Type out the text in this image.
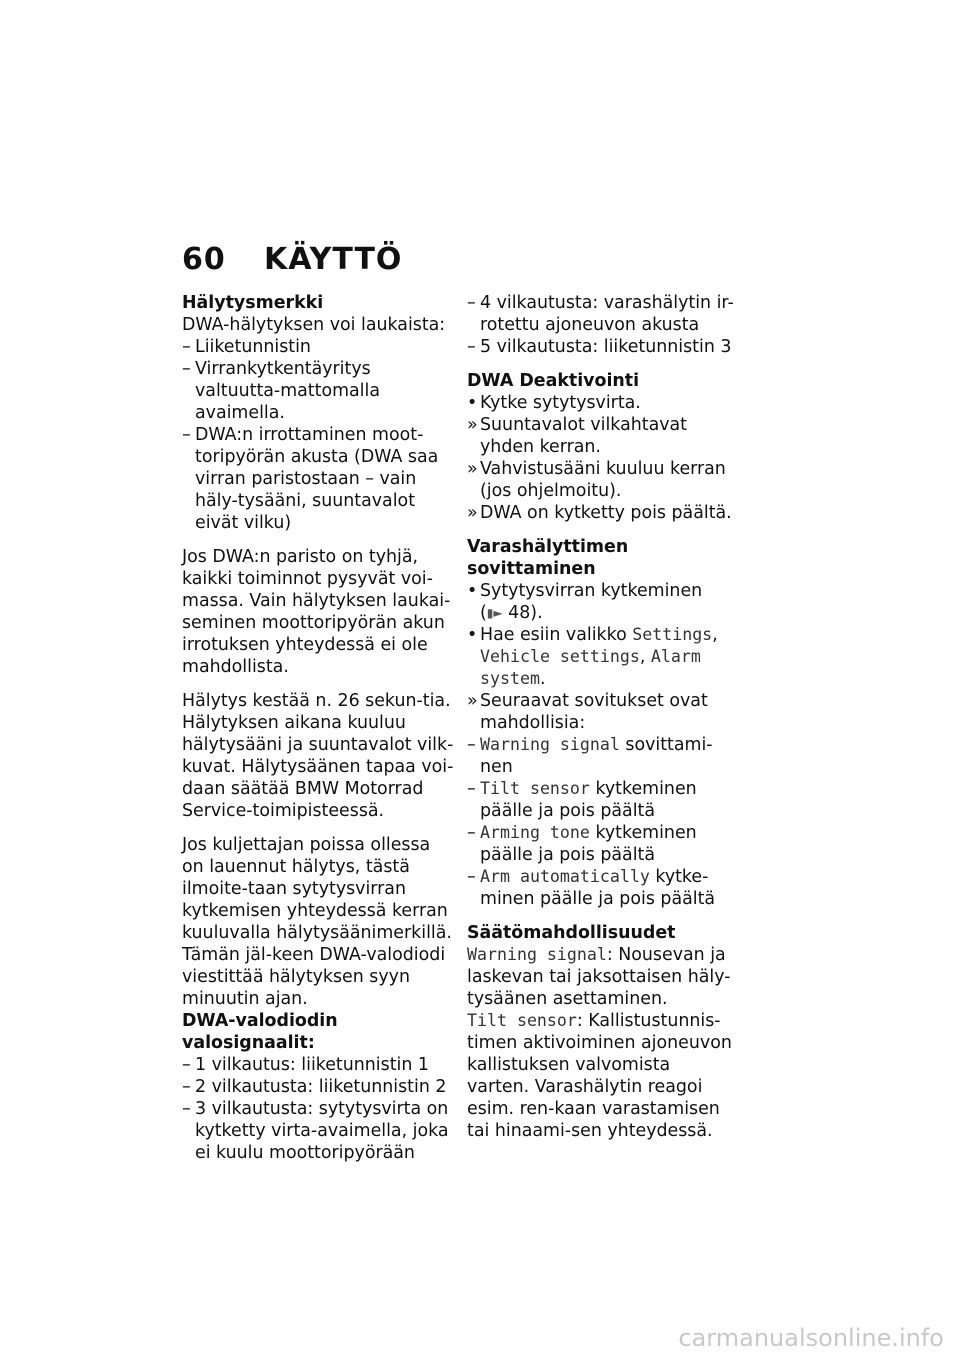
60 KÄYTTÖ

Hälytysmerkki

DWA-hälytyksen voi laukaista:

– Liiketunnistin
– Virrankytkentäyritys valtuutta-mattomalla avaimella.
– DWA:n irrottaminen moot-toripyörän akusta (DWA saa virran paristostaan – vain häly-tysääni, suuntavalot eivät vilku)

Jos DWA:n paristo on tyhjä, kaikki toiminnot pysyvät voi-massa. Vain hälytyksen laukai-seminen moottoripyörän akun irrotuksen yhteydessä ei ole mahdollista.

Hälytys kestää n. 26 sekun-tia. Hälytyksen aikana kuuluu hälytysääni ja suuntavalot vilk-kuvat. Hälytysäänen tapaa voi-daan säätää BMW Motorrad Service-toimipisteessä.

Jos kuljettajan poissa ollessa on lauennut hälytys, tästä ilmoite-taan sytytysvirran kytkemisen yhteydessä kerran kuuluvalla hälytysäänimerkillä. Tämän jäl-keen DWA-valodiodi viestittää hälytyksen syyn minuutin ajan.

DWA-valodiodin valosignaalit:

– 1 vilkautus: liiketunnistin 1
– 2 vilkautusta: liiketunnistin 2
– 3 vilkautusta: sytytysvirta on kytketty virta-avaimella, joka ei kuulu moottoripyörään
– 4 vilkautusta: varashälytin ir-rotettu ajoneuvon akusta
– 5 vilkautusta: liiketunnistin 3

DWA Deaktivointi

• Kytke sytytysvirta.
» Suuntavalot vilkahtavat yhden kerran.
» Vahvistusääni kuuluu kerran (jos ohjelmoitu).
» DWA on kytketty pois päältä.

Varashälyttimen sovittaminen

• Sytytysvirran kytkeminen
(▮► 48).
• Hae esiin valikko Settings, Vehicle settings, Alarm system.
» Seuraavat sovitukset ovat mahdollisia:
– Warning signal sovittami-nen
– Tilt sensor kytkeminen päälle ja pois päältä
– Arming tone kytkeminen päälle ja pois päältä
– Arm automatically kytke-minen päälle ja pois päältä

Säätömahdollisuudet

Warning signal: Nousevan ja laskevan tai jaksottaisen häly-tysäänen asettaminen.

Tilt sensor: Kallistustunnis-timen aktivoiminen ajoneuvon kallistuksen valvomista varten. Varashälytin reagoi esim. ren-kaan varastamisen tai hinaami-sen yhteydessä.

carmanualsonline.info
